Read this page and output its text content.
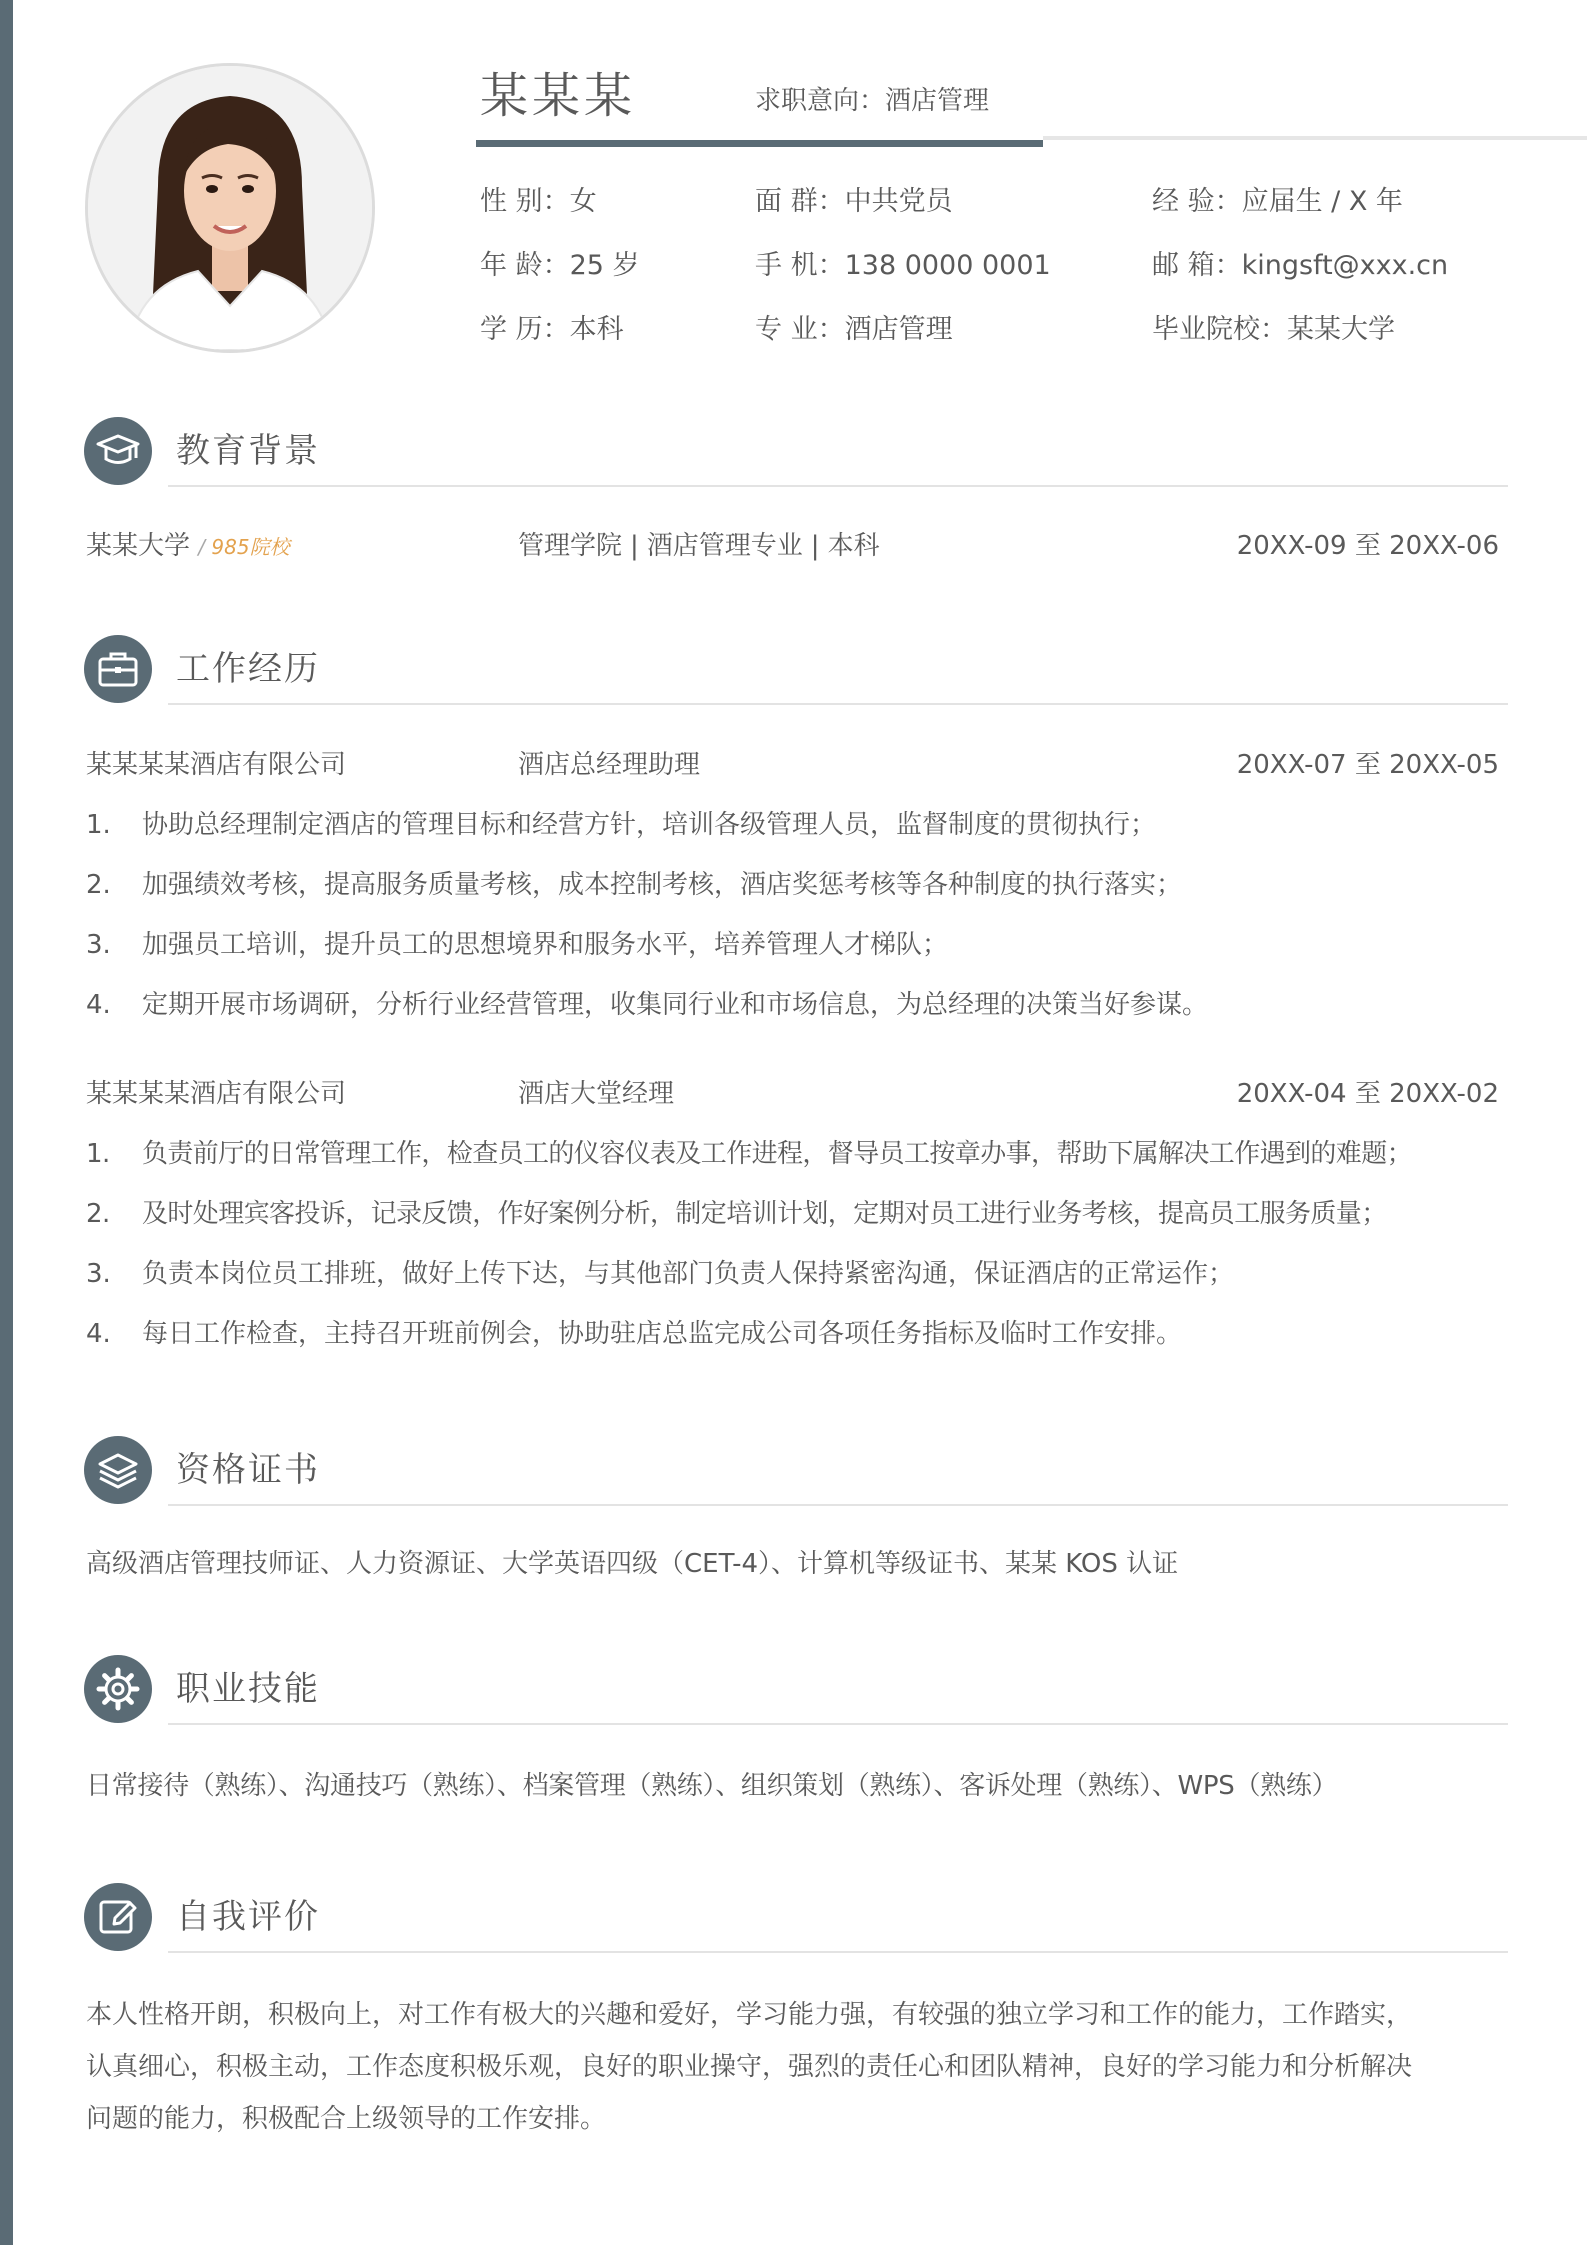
某某某	求职意向：酒店管理
性 别：女	面 群：中共党员	经 验：应届生 / X 年
年 龄：25 岁	手 机：138 0000 0001	邮 箱：kingsft@xxx.cn
学 历：本科	专 业：酒店管理	毕业院校：某某大学
教育背景
某某大学 / 985院校	管理学院 | 酒店管理专业 | 本科	20XX-09 至 20XX-06
工作经历
某某某某酒店有限公司	酒店总经理助理	20XX-07 至 20XX-05
1. 协助总经理制定酒店的管理目标和经营方针，培训各级管理人员，监督制度的贯彻执行；
2. 加强绩效考核，提高服务质量考核，成本控制考核，酒店奖惩考核等各种制度的执行落实；
3. 加强员工培训，提升员工的思想境界和服务水平，培养管理人才梯队；
4. 定期开展市场调研，分析行业经营管理，收集同行业和市场信息，为总经理的决策当好参谋。
某某某某酒店有限公司	酒店大堂经理	20XX-04 至 20XX-02
1. 负责前厅的日常管理工作，检查员工的仪容仪表及工作进程，督导员工按章办事，帮助下属解决工作遇到的难题；
2. 及时处理宾客投诉，记录反馈，作好案例分析，制定培训计划，定期对员工进行业务考核，提高员工服务质量；
3. 负责本岗位员工排班，做好上传下达，与其他部门负责人保持紧密沟通，保证酒店的正常运作；
4. 每日工作检查，主持召开班前例会，协助驻店总监完成公司各项任务指标及临时工作安排。
资格证书
高级酒店管理技师证、人力资源证、大学英语四级（CET-4）、计算机等级证书、某某 KOS 认证
职业技能
日常接待（熟练）、沟通技巧（熟练）、档案管理（熟练）、组织策划（熟练）、客诉处理（熟练）、WPS（熟练）
自我评价
本人性格开朗，积极向上，对工作有极大的兴趣和爱好，学习能力强，有较强的独立学习和工作的能力，工作踏实，
认真细心，积极主动，工作态度积极乐观，良好的职业操守，强烈的责任心和团队精神，良好的学习能力和分析解决
问题的能力，积极配合上级领导的工作安排。
